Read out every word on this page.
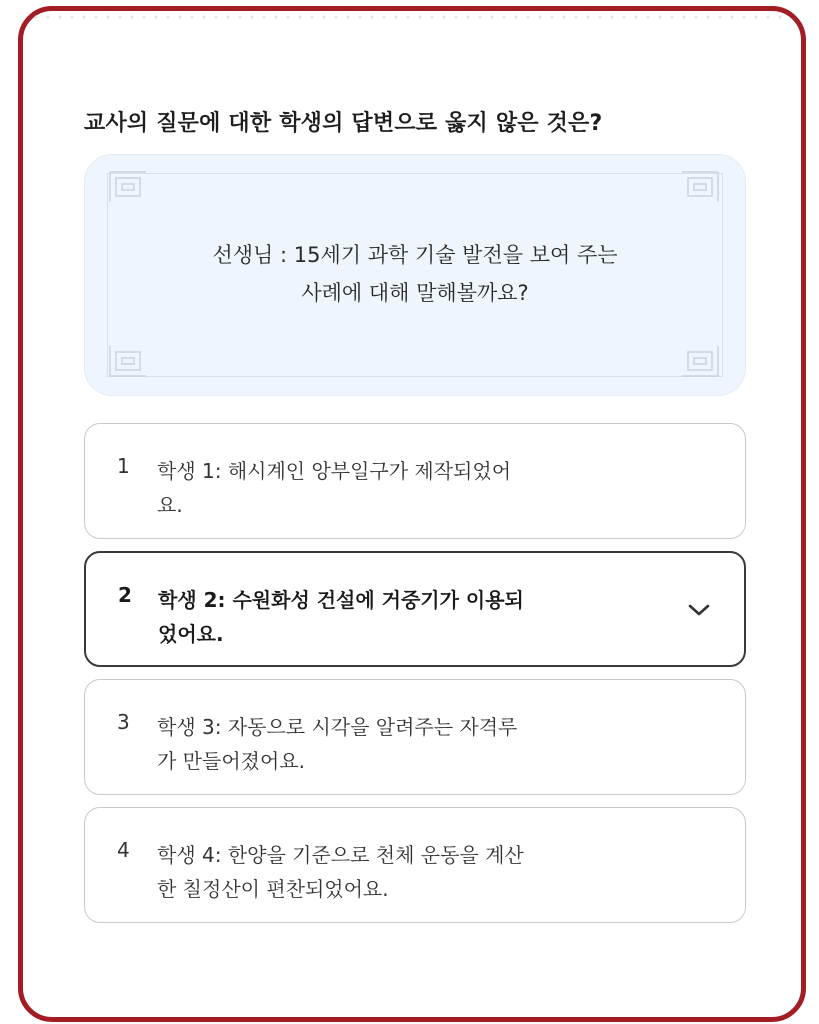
교사의 질문에 대한 학생의 답변으로 옳지 않은 것은?
선생님 : 15세기 과학 기술 발전을 보여 주는
사례에 대해 말해볼까요?
1 학생 1: 해시계인 앙부일구가 제작되었어
요.
2 학생 2: 수원화성 건설에 거중기가 이용되
었어요.
3 학생 3: 자동으로 시각을 알려주는 자격루
가 만들어졌어요.
4 학생 4: 한양을 기준으로 천체 운동을 계산
한 칠정산이 편찬되었어요.
